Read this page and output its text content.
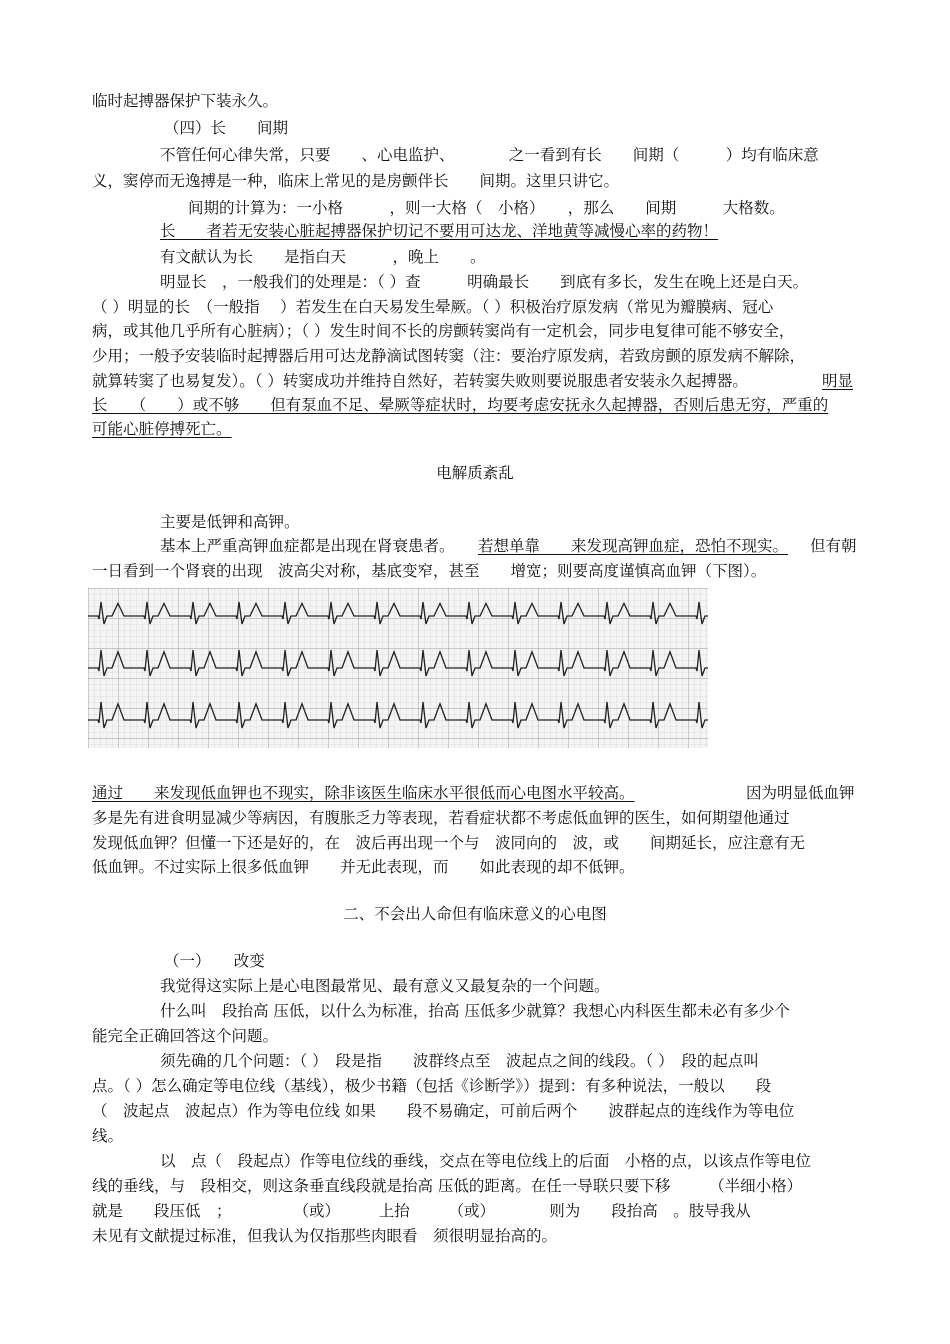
临时起搏器保护下装永久。
（四）长　　间期
不管任何心律失常，只要　　、心电监护、　　　　之一看到有长　　间期（　　　）均有临床意
义，窦停而无逸搏是一种，临床上常见的是房颤伴长　　间期。这里只讲它。
间期的计算为：一小格　　　，则一大格（　小格）　　，那么　　间期　　　大格数。
长　　者若无安装心脏起搏器保护切记不要用可达龙、洋地黄等减慢心率的药物！
有文献认为长　　是指白天　　　，晚上　　。
明显长　，一般我们的处理是：（ ）查　　　明确最长　　到底有多长，发生在晚上还是白天。
（ ）明显的长　（一般指　 ）若发生在白天易发生晕厥。（ ）积极治疗原发病（常见为瓣膜病、冠心
病，或其他几乎所有心脏病）；（ ）发生时间不长的房颤转窦尚有一定机会，同步电复律可能不够安全，
少用；一般予安装临时起搏器后用可达龙静滴试图转窦（注：要治疗原发病，若致房颤的原发病不解除，
就算转窦了也易复发）。（ ）转窦成功并维持自然好，若转窦失败则要说服患者安装永久起搏器。	明显
长　　（　　）或不够　　但有泵血不足、晕厥等症状时，均要考虑安抚永久起搏器，否则后患无穷，严重的
可能心脏停搏死亡。
电解质紊乱
主要是低钾和高钾。
基本上严重高钾血症都是出现在肾衰患者。	若想单靠　　来发现高钾血症，恐怕不现实。	但有朝
一日看到一个肾衰的出现　波高尖对称，基底变窄，甚至　　增宽；则要高度谨慎高血钾（下图）。
通过　　来发现低血钾也不现实，除非该医生临床水平很低而心电图水平较高。	因为明显低血钾
多是先有进食明显减少等病因，有腹胀乏力等表现，若看症状都不考虑低血钾的医生，如何期望他通过
发现低血钾？但懂一下还是好的，在　波后再出现一个与　波同向的　波，或　　间期延长，应注意有无
低血钾。不过实际上很多低血钾　　并无此表现，而　　如此表现的却不低钾。
二、不会出人命但有临床意义的心电图
（一）　　改变
我觉得这实际上是心电图最常见、最有意义又最复杂的一个问题。
什么叫　段抬高 压低，以什么为标准，抬高 压低多少就算？我想心内科医生都未必有多少个
能完全正确回答这个问题。
须先确的几个问题：（ ）　段是指　　波群终点至　波起点之间的线段。（ ）　段的起点叫
点。（ ）怎么确定等电位线（基线），极少书籍（包括《诊断学》）提到：有多种说法，一般以　　段
（　波起点　波起点）作为等电位线 如果　　段不易确定，可前后两个　　波群起点的连线作为等电位
线。
以　点（　段起点）作等电位线的垂线，交点在等电位线上的后面　小格的点，以该点作等电位
线的垂线，与　段相交，则这条垂直线段就是抬高 压低的距离。在任一导联只要下移　　　（半细小格）
就是　　段压低　；　　　　　（或）　　　上抬　　　（或）　　　　则为　　段抬高　。肢导我从
未见有文献提过标准，但我认为仅指那些肉眼看　须很明显抬高的。
